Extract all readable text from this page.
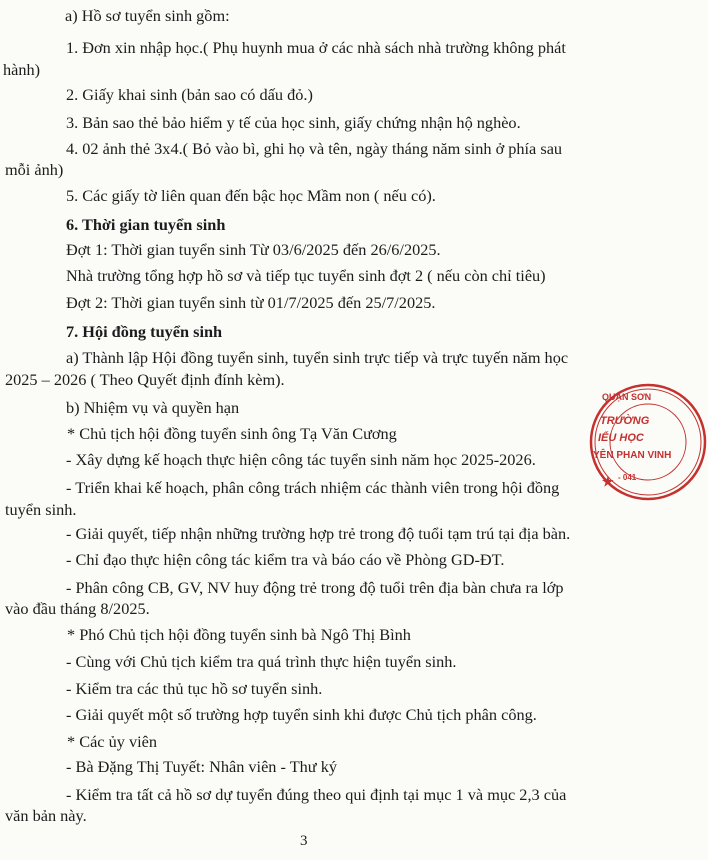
a) Hồ sơ tuyển sinh gồm:
1. Đơn xin nhập học.( Phụ huynh mua ở các nhà sách nhà trường không phát
hành)
2. Giấy khai sinh (bản sao có dấu đỏ.)
3. Bản sao thẻ bảo hiểm y tế của học sinh, giấy chứng nhận hộ nghèo.
4. 02 ảnh thẻ 3x4.( Bỏ vào bì, ghi họ và tên, ngày tháng năm sinh ở phía sau
mỗi ảnh)
5. Các giấy tờ liên quan đến bậc học Mầm non ( nếu có).
6. Thời gian tuyển sinh
Đợt 1: Thời gian tuyển sinh Từ 03/6/2025 đến 26/6/2025.
Nhà trường tổng hợp hồ sơ và tiếp tục tuyển sinh đợt 2 ( nếu còn chỉ tiêu)
Đợt 2: Thời gian tuyển sinh từ 01/7/2025 đến 25/7/2025.
7. Hội đồng tuyển sinh
a) Thành lập Hội đồng tuyển sinh, tuyển sinh trực tiếp và trực tuyến năm học
2025 – 2026 ( Theo Quyết định đính kèm).
b) Nhiệm vụ và quyền hạn
* Chủ tịch hội đồng tuyển sinh ông Tạ Văn Cương
- Xây dựng kế hoạch thực hiện công tác tuyển sinh năm học 2025-2026.
- Triển khai kế hoạch, phân công trách nhiệm các thành viên trong hội đồng
tuyển sinh.
- Giải quyết, tiếp nhận những trường hợp trẻ trong độ tuổi tạm trú tại địa bàn.
- Chỉ đạo thực hiện công tác kiểm tra và báo cáo về Phòng GD-ĐT.
- Phân công CB, GV, NV huy động trẻ trong độ tuổi trên địa bàn chưa ra lớp
vào đầu tháng 8/2025.
* Phó Chủ tịch hội đồng tuyển sinh bà Ngô Thị Bình
- Cùng với Chủ tịch kiểm tra quá trình thực hiện tuyển sinh.
- Kiểm tra các thủ tục hồ sơ tuyển sinh.
- Giải quyết một số trường hợp tuyển sinh khi được Chủ tịch phân công.
* Các ủy viên
- Bà Đặng Thị Tuyết: Nhân viên - Thư ký
- Kiểm tra tất cả hồ sơ dự tuyển đúng theo qui định tại mục 1 và mục 2,3 của
văn bản này.
3
QUẬN SƠN
TRƯỜNG
IỂU HỌC
YÊN PHAN VINH
★ - 041
